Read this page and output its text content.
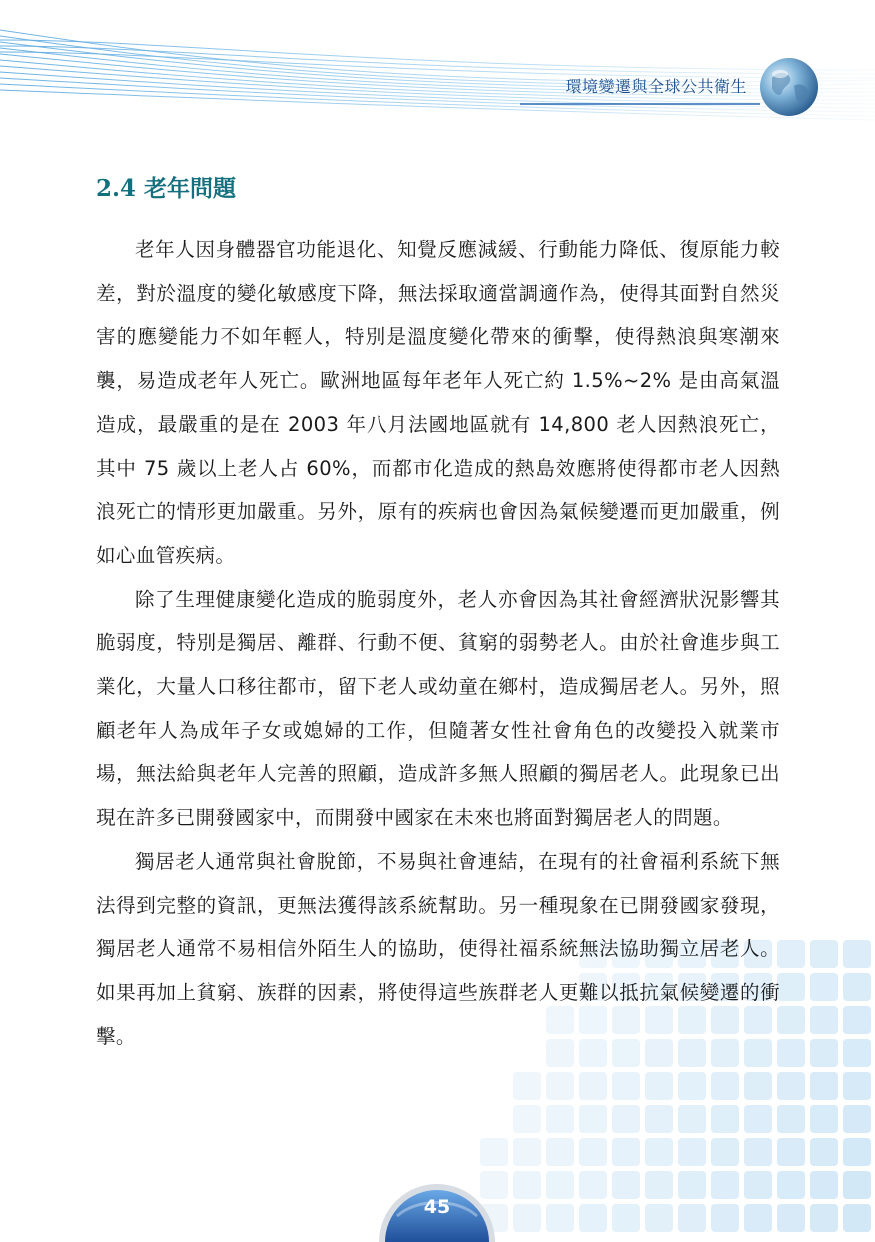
環境變遷與全球公共衛生
2.4 老年問題

老年人因身體器官功能退化、知覺反應減緩、行動能力降低、復原能力較差，對於溫度的變化敏感度下降，無法採取適當調適作為，使得其面對自然災害的應變能力不如年輕人，特別是溫度變化帶來的衝擊，使得熱浪與寒潮來襲，易造成老年人死亡。歐洲地區每年老年人死亡約 1.5%~2% 是由高氣溫造成，最嚴重的是在 2003 年八月法國地區就有 14,800 老人因熱浪死亡，其中 75 歲以上老人占 60%，而都市化造成的熱島效應將使得都市老人因熱浪死亡的情形更加嚴重。另外，原有的疾病也會因為氣候變遷而更加嚴重，例如心血管疾病。

除了生理健康變化造成的脆弱度外，老人亦會因為其社會經濟狀況影響其脆弱度，特別是獨居、離群、行動不便、貧窮的弱勢老人。由於社會進步與工業化，大量人口移往都市，留下老人或幼童在鄉村，造成獨居老人。另外，照顧老年人為成年子女或媳婦的工作，但隨著女性社會角色的改變投入就業市場，無法給與老年人完善的照顧，造成許多無人照顧的獨居老人。此現象已出現在許多已開發國家中，而開發中國家在未來也將面對獨居老人的問題。

獨居老人通常與社會脫節，不易與社會連結，在現有的社會福利系統下無法得到完整的資訊，更無法獲得該系統幫助。另一種現象在已開發國家發現，獨居老人通常不易相信外陌生人的協助，使得社福系統無法協助獨立居老人。如果再加上貧窮、族群的因素，將使得這些族群老人更難以抵抗氣候變遷的衝擊。

45
